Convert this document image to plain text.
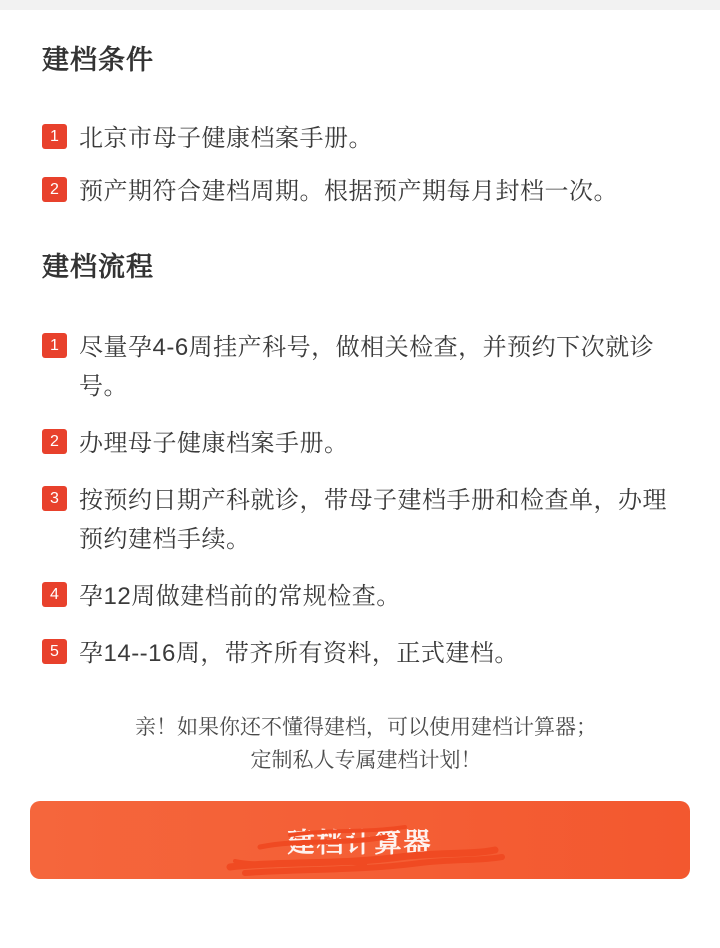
建档条件
1 北京市母子健康档案手册。
2 预产期符合建档周期。根据预产期每月封档一次。
建档流程
1 尽量孕4-6周挂产科号，做相关检查，并预约下次就诊号。
2 办理母子健康档案手册。
3 按预约日期产科就诊，带母子建档手册和检查单，办理预约建档手续。
4 孕12周做建档前的常规检查。
5 孕14--16周，带齐所有资料，正式建档。
亲！如果你还不懂得建档，可以使用建档计算器；
定制私人专属建档计划！
建档计算器
